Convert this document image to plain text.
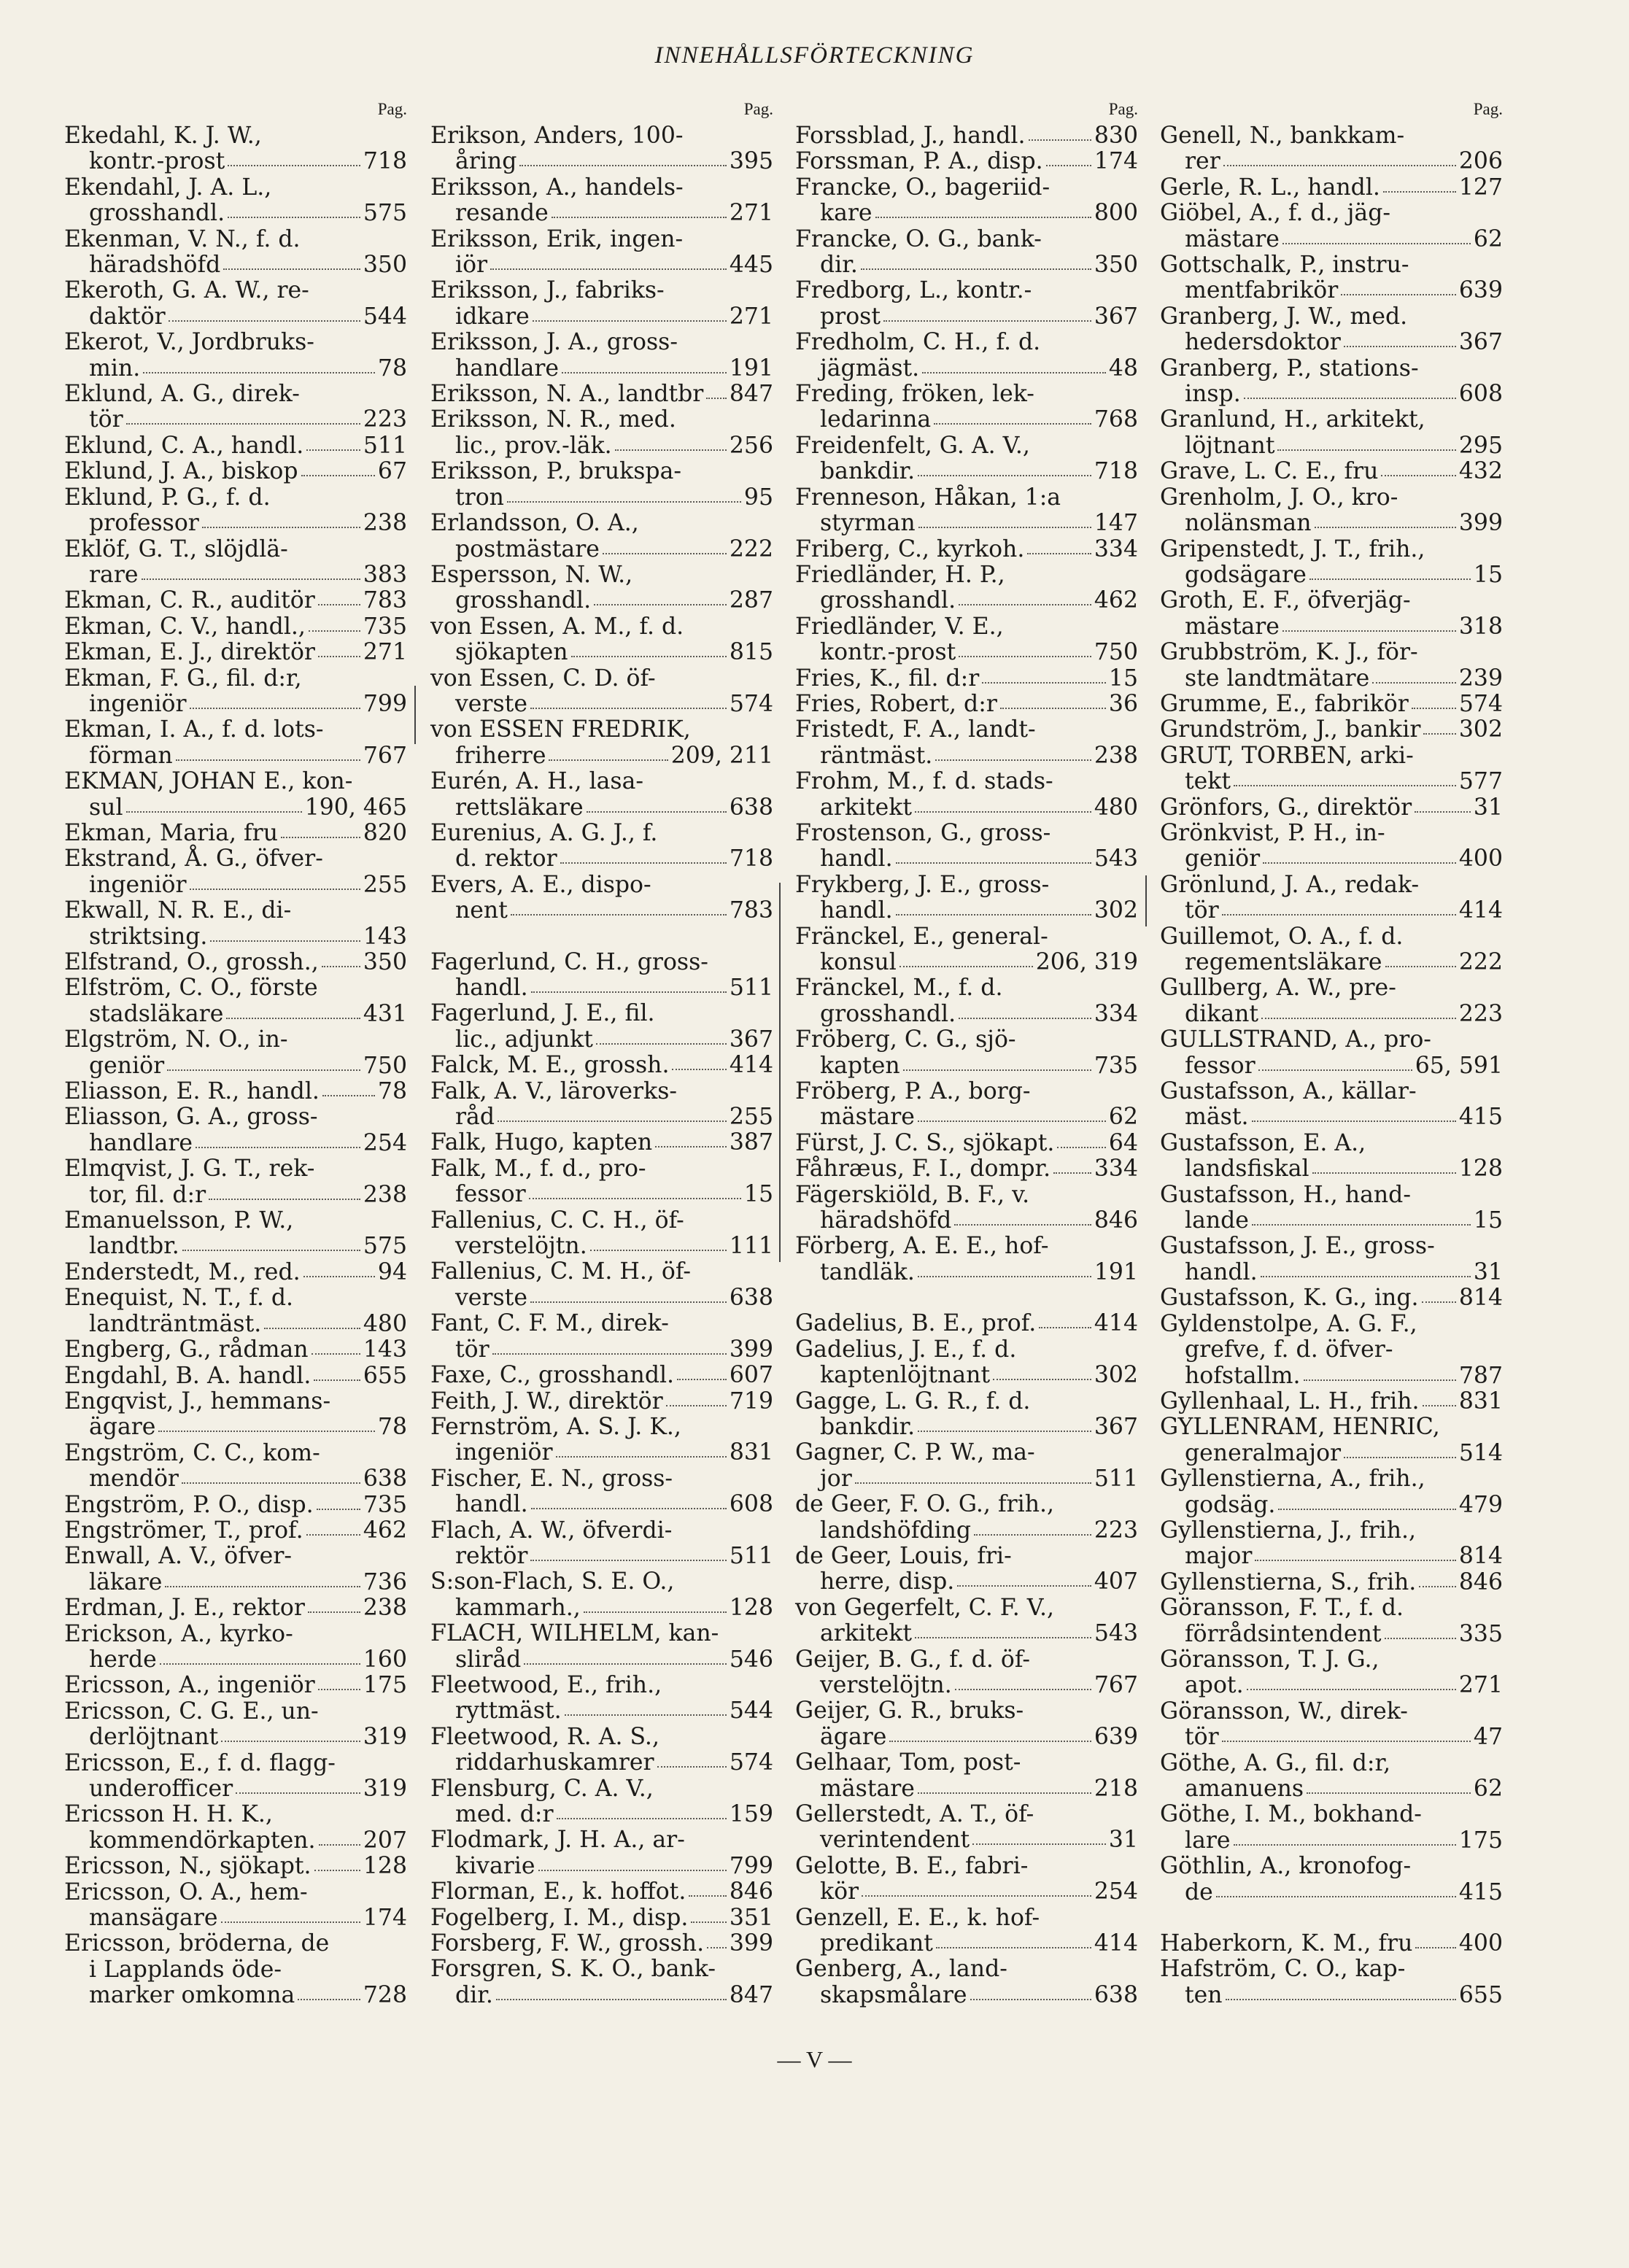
INNEHÅLLSFÖRTECKNING
Pag.
Ekedahl, K. J. W.,
kontr.-prost	718
Ekendahl, J. A. L.,
grosshandl.	575
Ekenman, V. N., f. d.
häradshöfd	350
Ekeroth, G. A. W., re-
daktör	544
Ekerot, V., Jordbruks-
min.	78
Eklund, A. G., direk-
tör	223
Eklund, C. A., handl.	511
Eklund, J. A., biskop	67
Eklund, P. G., f. d.
professor	238
Eklöf, G. T., slöjdlä-
rare	383
Ekman, C. R., auditör 783
Ekman, C. V., handl.,	735
Ekman, E. J., direktör 271
Ekman, F. G., fil. d:r,
ingeniör	799
Ekman, I. A., f. d. lots-
förman	767
EKMAN, JOHAN E., kon-
sul	190, 465
Ekman, Maria, fru	820
Ekstrand, Å. G., öfver-
ingeniör	255
Ekwall, N. R. E., di-
striktsing.	143
Elfstrand, O., grossh., 350
Elfström, C. O., förste
stadsläkare	431
Elgström, N. O., in-
geniör	750
Eliasson, E. R., handl.	78
Eliasson, G. A., gross-
handlare	254
Elmqvist, J. G. T., rek-
tor, fil. d:r	238
Emanuelsson, P. W.,
landtbr.	575
Enderstedt, M., red.	94
Enequist, N. T., f. d.
landträntmäst.	480
Engberg, G., rådman 143
Engdahl, B. A. handl. 655
Engqvist, J., hemmans-
ägare	78
Engström, C. C., kom-
mendör	638
Engström, P. O., disp. 735
Engströmer, T., prof.	462
Enwall, A. V., öfver-
läkare	736
Erdman, J. E., rektor	238
Erickson, A., kyrko-
herde	160
Ericsson, A., ingeniör 175
Ericsson, C. G. E., un-
derlöjtnant	319
Ericsson, E., f. d. flagg-
underofficer	319
Ericsson H. H. K.,
kommendörkapten. 207
Ericsson, N., sjökapt. 128
Ericsson, O. A., hem-
mansägare	174
Ericsson, bröderna, de
i Lapplands öde-
marker omkomna	728
Pag.
Erikson, Anders, 100-
åring	395
Eriksson, A., handels-
resande	271
Eriksson, Erik, ingen-
iör	445
Eriksson, J., fabriks-
idkare	271
Eriksson, J. A., gross-
handlare	191
Eriksson, N. A., landtbr 847
Eriksson, N. R., med.
lic., prov.-läk.	256
Eriksson, P., brukspa-
tron	95
Erlandsson, O. A.,
postmästare	222
Espersson, N. W.,
grosshandl.	287
von Essen, A. M., f. d.
sjökapten	815
von Essen, C. D. öf-
verste	574
von ESSEN FREDRIK,
friherre	209, 211
Eurén, A. H., lasa-
rettsläkare	638
Eurenius, A. G. J., f.
d. rektor	718
Evers, A. E., dispo-
nent	783
Fagerlund, C. H., gross-
handl.	511
Fagerlund, J. E., fil.
lic., adjunkt	367
Falck, M. E., grossh.	414
Falk, A. V., läroverks-
råd	255
Falk, Hugo, kapten	387
Falk, M., f. d., pro-
fessor	15
Fallenius, C. C. H., öf-
verstelöjtn.	111
Fallenius, C. M. H., öf-
verste	638
Fant, C. F. M., direk-
tör	399
Faxe, C., grosshandl. 607
Feith, J. W., direktör	719
Fernström, A. S. J. K.,
ingeniör	831
Fischer, E. N., gross-
handl.	608
Flach, A. W., öfverdi-
rektör	511
S:son-Flach, S. E. O.,
kammarh.,	128
FLACH, WILHELM, kan-
sliråd	546
Fleetwood, E., frih.,
ryttmäst.	544
Fleetwood, R. A. S.,
riddarhuskamrer	574
Flensburg, C. A. V.,
med. d:r	159
Flodmark, J. H. A., ar-
kivarie	799
Florman, E., k. hoffot. 846
Fogelberg, I. M., disp. 351
Forsberg, F. W., grossh. 399
Forsgren, S. K. O., bank-
dir.	847
Pag.
Forssblad, J., handl.	830
Forssman, P. A., disp. 174
Francke, O., bageriid-
kare	800
Francke, O. G., bank-
dir.	350
Fredborg, L., kontr.-
prost	367
Fredholm, C. H., f. d.
jägmäst.	48
Freding, fröken, lek-
ledarinna	768
Freidenfelt, G. A. V.,
bankdir.	718
Frenneson, Håkan, 1:a
styrman	147
Friberg, C., kyrkoh.	334
Friedländer, H. P.,
grosshandl.	462
Friedländer, V. E.,
kontr.-prost	750
Fries, K., fil. d:r	15
Fries, Robert, d:r	36
Fristedt, F. A., landt-
räntmäst.	238
Frohm, M., f. d. stads-
arkitekt	480
Frostenson, G., gross-
handl.	543
Frykberg, J. E., gross-
handl.	302
Fränckel, E., general-
konsul	206, 319
Fränckel, M., f. d.
grosshandl.	334
Fröberg, C. G., sjö-
kapten	735
Fröberg, P. A., borg-
mästare	62
Fürst, J. C. S., sjökapt. 64
Fåhræus, F. I., dompr. 334
Fägerskiöld, B. F., v.
häradshöfd	846
Förberg, A. E. E., hof-
tandläk.	191
Gadelius, B. E., prof.	414
Gadelius, J. E., f. d.
kaptenlöjtnant	302
Gagge, L. G. R., f. d.
bankdir.	367
Gagner, C. P. W., ma-
jor	511
de Geer, F. O. G., frih.,
landshöfding	223
de Geer, Louis, fri-
herre, disp.	407
von Gegerfelt, C. F. V.,
arkitekt	543
Geijer, B. G., f. d. öf-
verstelöjtn.	767
Geijer, G. R., bruks-
ägare	639
Gelhaar, Tom, post-
mästare	218
Gellerstedt, A. T., öf-
verintendent	31
Gelotte, B. E., fabri-
kör	254
Genzell, E. E., k. hof-
predikant	414
Genberg, A., land-
skapsmålare	638
Pag.
Genell, N., bankkam-
rer	206
Gerle, R. L., handl.	127
Giöbel, A., f. d., jäg-
mästare	62
Gottschalk, P., instru-
mentfabrikör	639
Granberg, J. W., med.
hedersdoktor	367
Granberg, P., stations-
insp.	608
Granlund, H., arkitekt,
löjtnant	295
Grave, L. C. E., fru	432
Grenholm, J. O., kro-
nolänsman	399
Gripenstedt, J. T., frih.,
godsägare	15
Groth, E. F., öfverjäg-
mästare	318
Grubbström, K. J., för-
ste landtmätare	239
Grumme, E., fabrikör 574
Grundström, J., bankir 302
GRUT, TORBEN, arki-
tekt	577
Grönfors, G., direktör	31
Grönkvist, P. H., in-
geniör	400
Grönlund, J. A., redak-
tör	414
Guillemot, O. A., f. d.
regementsläkare	222
Gullberg, A. W., pre-
dikant	223
GULLSTRAND, A., pro-
fessor	65, 591
Gustafsson, A., källar-
mäst.	415
Gustafsson, E. A.,
landsfiskal	128
Gustafsson, H., hand-
lande	15
Gustafsson, J. E., gross-
handl.	31
Gustafsson, K. G., ing. 814
Gyldenstolpe, A. G. F.,
grefve, f. d. öfver-
hofstallm.	787
Gyllenhaal, L. H., frih. 831
GYLLENRAM, HENRIC,
generalmajor	514
Gyllenstierna, A., frih.,
godsäg.	479
Gyllenstierna, J., frih.,
major	814
Gyllenstierna, S., frih. 846
Göransson, F. T., f. d.
förrådsintendent	335
Göransson, T. J. G.,
apot.	271
Göransson, W., direk-
tör	47
Göthe, A. G., fil. d:r,
amanuens	62
Göthe, I. M., bokhand-
lare	175
Göthlin, A., kronofog-
de	415
Haberkorn, K. M., fru 400
Hafström, C. O., kap-
ten	655
— V —
